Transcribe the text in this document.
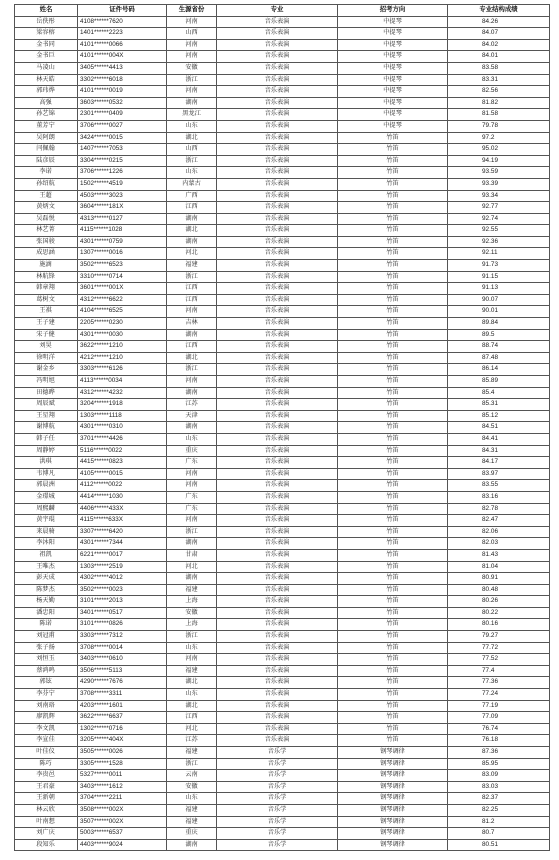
姓名	证件号码	生源省份	专业	招考方向	专业结构成绩
岳佚彤	4108******7620	河南	音乐表演	中提琴	84.26
梁容榕	1401******2223	山西	音乐表演	中提琴	84.07
金书同	4101******0066	河南	音乐表演	中提琴	84.02
金书巨	4101******004X	河南	音乐表演	中提琴	84.01
马凌山	3405******4413	安徽	音乐表演	中提琴	83.58
林天皓	3302******6018	浙江	音乐表演	中提琴	83.31
郭玮烨	4101******0019	河南	音乐表演	中提琴	82.56
高强	3603******0532	湖南	音乐表演	中提琴	81.82
孙艺锦	2301******0409	黑龙江	音乐表演	中提琴	81.58
董芳宁	3706******0027	山东	音乐表演	中提琴	79.78
吴阿朗	3424******0015	湖北	音乐表演	竹笛	97.2
闫佩翰	1407******7053	山西	音乐表演	竹笛	95.02
陆彦辰	3304******0215	浙江	音乐表演	竹笛	94.19
李诺	3706******1226	山东	音乐表演	竹笛	93.59
孙绍航	1502******4519	内蒙古	音乐表演	竹笛	93.39
王超	4503******3023	广西	音乐表演	竹笛	93.34
黄炳文	3604******181X	江西	音乐表演	竹笛	92.77
吴磊悦	4313******0127	湖南	音乐表演	竹笛	92.74
林艺菁	4115******1028	湖北	音乐表演	竹笛	92.55
张国骏	4301******0759	湖南	音乐表演	竹笛	92.36
成思涵	1307******0016	河北	音乐表演	竹笛	92.11
施滴	3502******6523	福建	音乐表演	竹笛	91.73
林航锋	3310******0714	浙江	音乐表演	竹笛	91.15
韩章翔	3601******001X	江西	音乐表演	竹笛	91.13
葛树文	4312******6622	江西	音乐表演	竹笛	90.07
王祺	4104******6525	河南	音乐表演	竹笛	90.01
王子建	2205******0230	吉林	音乐表演	竹笛	89.84
宋子健	4301******0030	湖南	音乐表演	竹笛	89.5
刘昊	3622******1210	江西	音乐表演	竹笛	88.74
徐明洋	4212******1210	湖北	音乐表演	竹笛	87.48
谢金乡	3303******6126	浙江	音乐表演	竹笛	86.14
冯明旭	4113******0034	河南	音乐表演	竹笛	85.89
田德晔	4312******4232	湖南	音乐表演	竹笛	85.4
周辰斌	3204******1918	江苏	音乐表演	竹笛	85.31
王星翔	1303******1118	天津	音乐表演	竹笛	85.12
谢博航	4301******0310	湖南	音乐表演	竹笛	84.51
韩子任	3701******4426	山东	音乐表演	竹笛	84.41
周静婷	5116******0022	重庆	音乐表演	竹笛	84.31
洪琪	4415******0823	广东	音乐表演	竹笛	84.17
韦博凡	4105******0015	河南	音乐表演	竹笛	83.97
郭晨洲	4112******0022	河南	音乐表演	竹笛	83.55
金璟城	4414******1030	广东	音乐表演	竹笛	83.16
周熙麟	4406******433X	广东	音乐表演	竹笛	82.78
黄宇琨	4115******633X	河南	音乐表演	竹笛	82.47
来晨骑	3307******6420	浙江	音乐表演	竹笛	82.06
李沐阳	4301******7344	湖南	音乐表演	竹笛	82.03
祖凯	6221******0017	甘肃	音乐表演	竹笛	81.43
王唯杰	1303******2519	河北	音乐表演	竹笛	81.04
彭天成	4302******4012	湖南	音乐表演	竹笛	80.91
陈梦杰	3502******0023	福建	音乐表演	竹笛	80.48
杨天勤	3101******2013	上海	音乐表演	竹笛	80.26
潘忠阳	3401******0517	安徽	音乐表演	竹笛	80.22
陈诺	3101******0826	上海	音乐表演	竹笛	80.16
刘冠甫	3303******7312	浙江	音乐表演	竹笛	79.27
张子扬	3708******0014	山东	音乐表演	竹笛	77.72
刘恒玉	3403******0610	河南	音乐表演	竹笛	77.52
蔡鸿鸣	3506******5113	福建	音乐表演	竹笛	77.4
郭铉	4290******7676	湖北	音乐表演	竹笛	77.36
李芬宁	3708******3311	山东	音乐表演	竹笛	77.24
刘南珞	4203******1601	湖北	音乐表演	竹笛	77.19
廖凯辉	3622******6637	江西	音乐表演	竹笛	77.09
李文凯	1302******0716	河北	音乐表演	竹笛	76.74
李宣佳	3205******404X	江苏	音乐表演	竹笛	76.18
叶佳仪	3505******0026	福建	音乐学	钢琴调律	87.36
陈巧	3305******1528	浙江	音乐学	钢琴调律	85.95
李贵邑	5327******0011	云南	音乐学	钢琴调律	83.09
王君豪	3403******1612	安徽	音乐学	钢琴调律	83.03
王新朝	3704******2211	山东	音乐学	钢琴调律	82.37
林云欣	3508******002X	福建	音乐学	钢琴调律	82.25
叶南想	3507******002X	福建	音乐学	钢琴调律	81.2
刘广庆	5003******6537	重庆	音乐学	钢琴调律	80.7
段知乐	4403******9024	湖南	音乐学	钢琴调律	80.51
